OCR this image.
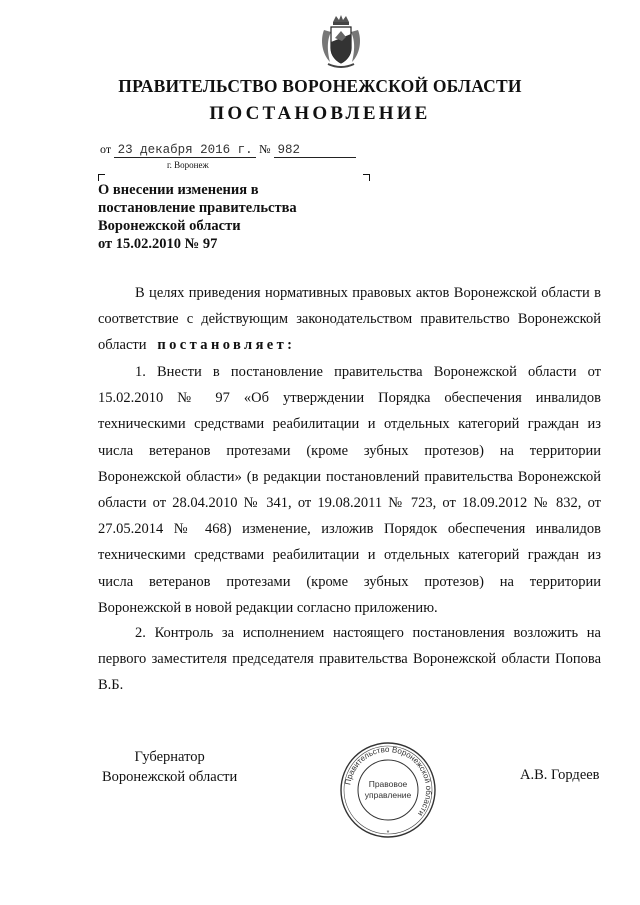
ПРАВИТЕЛЬСТВО ВОРОНЕЖСКОЙ ОБЛАСТИ
ПОСТАНОВЛЕНИЕ
от 23 декабря 2016 г. № 982
г. Воронеж
О внесении изменения в
постановление правительства
Воронежской области
от 15.02.2010 № 97
В целях приведения нормативных правовых актов Воронежской области в соответствие с действующим законодательством правительство Воронежской области постановляет:
1. Внести в постановление правительства Воронежской области от 15.02.2010 № 97 «Об утверждении Порядка обеспечения инвалидов техническими средствами реабилитации и отдельных категорий граждан из числа ветеранов протезами (кроме зубных протезов) на территории Воронежской области» (в редакции постановлений правительства Воронежской области от 28.04.2010 № 341, от 19.08.2011 № 723, от 18.09.2012 № 832, от 27.05.2014 № 468) изменение, изложив Порядок обеспечения инвалидов техническими средствами реабилитации и отдельных категорий граждан из числа ветеранов протезами (кроме зубных протезов) на территории Воронежской в новой редакции согласно приложению.
2. Контроль за исполнением настоящего постановления возложить на первого заместителя председателя правительства Воронежской области Попова В.Б.
Губернатор
Воронежской области	А.В. Гордеев
Правительство Воронежской области
Правовое
управление
*
